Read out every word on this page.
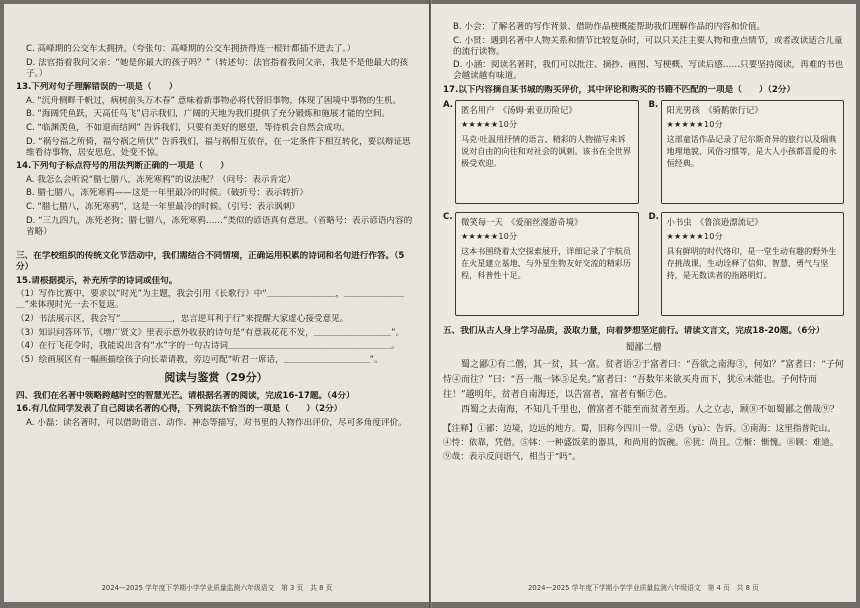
C. 高峰期的公交车太拥挤。（夸张句：高峰期的公交车拥挤得连一根针都插不进去了。）

D. 法官指着我问父亲：“她是你最大的孩子吗？”（转述句：法官指着我问父亲，我是不是他最大的孩子。）

13.下列对句子理解错误的一项是（　　）

A. “沉舟侧畔千帆过，病树前头万木春” 意味着新事物必将代替旧事物，体现了困境中事物的生机。

B. “海阔凭鱼跃，天高任鸟飞”启示我们，广阔的天地为我们提供了充分锻炼和施展才能的空间。

C. “临渊羡鱼，不如退而结网” 告诉我们，只要有美好的愿望，等待机会自然会成功。

D. “祸兮福之所倚，福兮祸之所伏” 告诉我们，福与祸相互依存，在一定条件下相互转化，要以辩证思维看待事物，居安思危、处变不惊。

14.下列句子标点符号的用法判断正确的一项是（　　）

A. 我怎么会听说“腊七腊八，冻死寒鸦”的说法呢？（问号：表示肯定）

B. 腊七腊八，冻死寒鸦——这是一年里最冷的时候。（破折号：表示转折）

C. “腊七腊八，冻死寒鸦”，这是一年里最冷的时候。（引号：表示讽刺）

D. “三九四九，冻死老狗；腊七腊八，冻死寒鸦……”类似的谚语真有意思。（省略号：表示谚语内容的省略）

三、在学校组织的传统文化节活动中，我们需结合不同情境，正确运用积累的诗词和名句进行作答。（5分）

15.请根据提示，补充所学的诗词或佳句。

（1）写作比赛中，要求以“时光”为主题，我会引用《长歌行》中“＿＿＿＿＿＿＿＿，＿＿＿＿＿＿＿＿”来体现时光一去不复返。

（2）书法展示区，我会写“＿＿＿＿＿＿，忠言逆耳利于行”来提醒大家虚心接受意见。

（3）知识问答环节，《增广贤文》里表示意外收获的诗句是“有意栽花花不发，＿＿＿＿＿＿＿＿＿”。

（4）在行飞花令时，我能说出含有“水”字的一句古诗词＿＿＿＿＿＿＿＿＿＿＿＿＿＿＿＿＿＿＿。

（5）绘画展区有一幅画描绘孩子向长辈请教，旁边可配“听君一席话，＿＿＿＿＿＿＿＿＿＿”。

阅读与鉴赏（29分）

四、我们在名著中领略跨越时空的智慧光芒。请根据名著的阅读，完成16-17题。（4分）

16.有几位同学发表了自己阅读名著的心得，下列说法不恰当的一项是（　　）（2分）

A. 小磊：读名著时，可以借助语言、动作、神态等描写，对书里的人物作出评价，尽可多角度评价。

2024—2025 学年度下学期小学学业质量监测六年级语文　第 3 页　共 8 页

B. 小会：了解名著的写作背景、借助作品梗概能帮助我们理解作品的内容和价值。

C. 小贤：遇到名著中人物关系和情节比较复杂时，可以只关注主要人物和重点情节，或者改读适合儿童的流行读物。

D. 小涵：阅读名著时，我们可以批注、摘抄、画图、写梗概、写读后感……只要坚持阅读，再难的书也会越读越有味道。

17.以下内容摘自某书城的购买评价，其中评论和购买的书籍不匹配的一项是（　　）（2分）

A. 匿名用户　 《汤姆·索亚历险记》
★★★★★10分
马克·吐温用抒情的语言、精彩的人物描写来诉说对自由的向往和对社会的讽刺。该书在全世界极受欢迎。
B. 阳光男孩　 《骑鹅旅行记》
★★★★★10分
这部童话作品记录了尼尔斯奇异的旅行以及瑞典地理地貌、风俗习惯等，是大人小孩都喜爱的永恒经典。
C. 微笑每一天　 《爱丽丝漫游奇境》
★★★★★10分
这本书围绕着太空探索展开，详细记录了宇航员在火星建立基地、与外星生物友好交流的精彩历程，科普性十足。
D. 小书虫　 《鲁滨逊漂流记》
★★★★★10分
具有鲜明的时代烙印，是一堂生动有趣的野外生存挑战课，生动诠释了信仰、智慧、勇气与坚持，是无数读者的指路明灯。

五、我们从古人身上学习品质，汲取力量，向着梦想坚定前行。请读文言文，完成18-20题。（6分）

蜀鄙二僧

蜀之鄙①有二僧，其一贫，其一富。贫者语②于富者曰：“吾欲之南海③，何如？”富者曰：“子何恃④而往？”曰：“吾一瓶一钵⑤足矣。”富者曰：“吾数年来欲买舟而下，犹⑥未能也。子何恃而往！”越明年，贫者自南海还，以告富者，富者有惭⑦色。

西蜀之去南海，不知几千里也，僧富者不能至而贫者至焉。人之立志，顾⑧不如蜀鄙之僧哉⑨？

【注释】①鄙：边境，边远的地方。蜀，旧称今四川一带。②语（yù）：告诉。③南海：这里指普陀山。④恃：依靠，凭借。⑤钵：一种盛饭菜的器具，和尚用的饭碗。⑥犹：尚且。⑦惭：惭愧。⑧顾：难道。⑨哉：表示反问语气，相当于“吗”。

2024—2025 学年度下学期小学学业质量监测六年级语文　第 4 页　共 8 页
